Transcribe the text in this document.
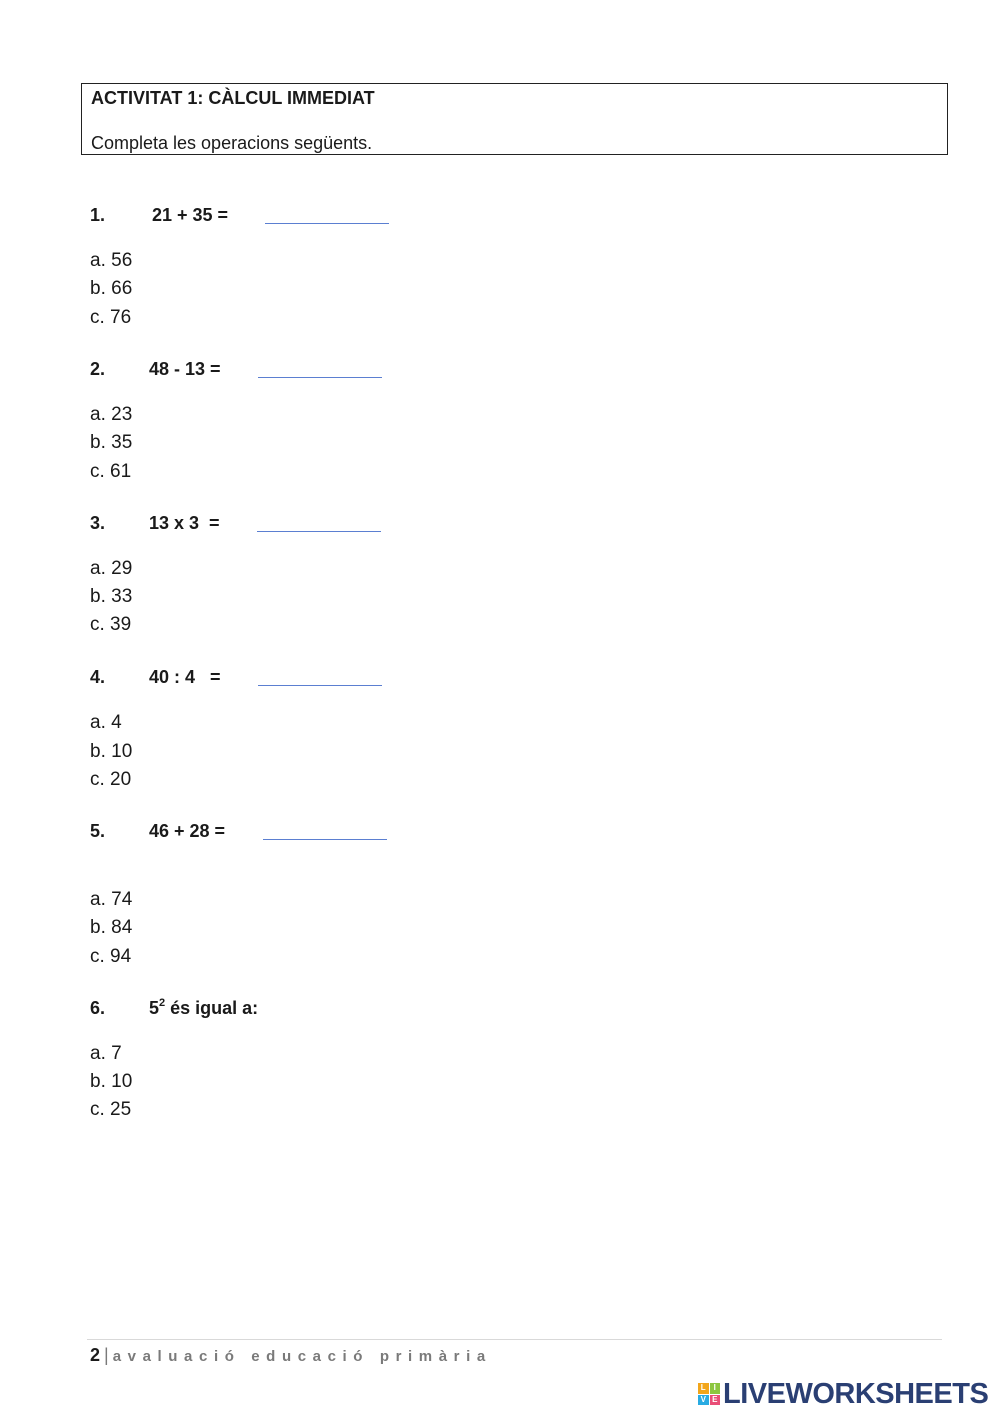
ACTIVITAT 1: CÀLCUL IMMEDIAT
Completa les operacions següents.
1.	21 + 35 =
a. 56
b. 66
c. 76
2. 48 - 13 =
a. 23
b. 35
c. 61
3. 13 x 3  =
a. 29
b. 33
c. 39
4. 40 : 4   =
a. 4
b. 10
c. 20
5. 46 + 28 =
a. 74
b. 84
c. 94
6. $5^2$ és igual a:
a. 7
b. 10
c. 25
2 | avaluació educació primària
L I
V E LIVEWORKSHEETS
